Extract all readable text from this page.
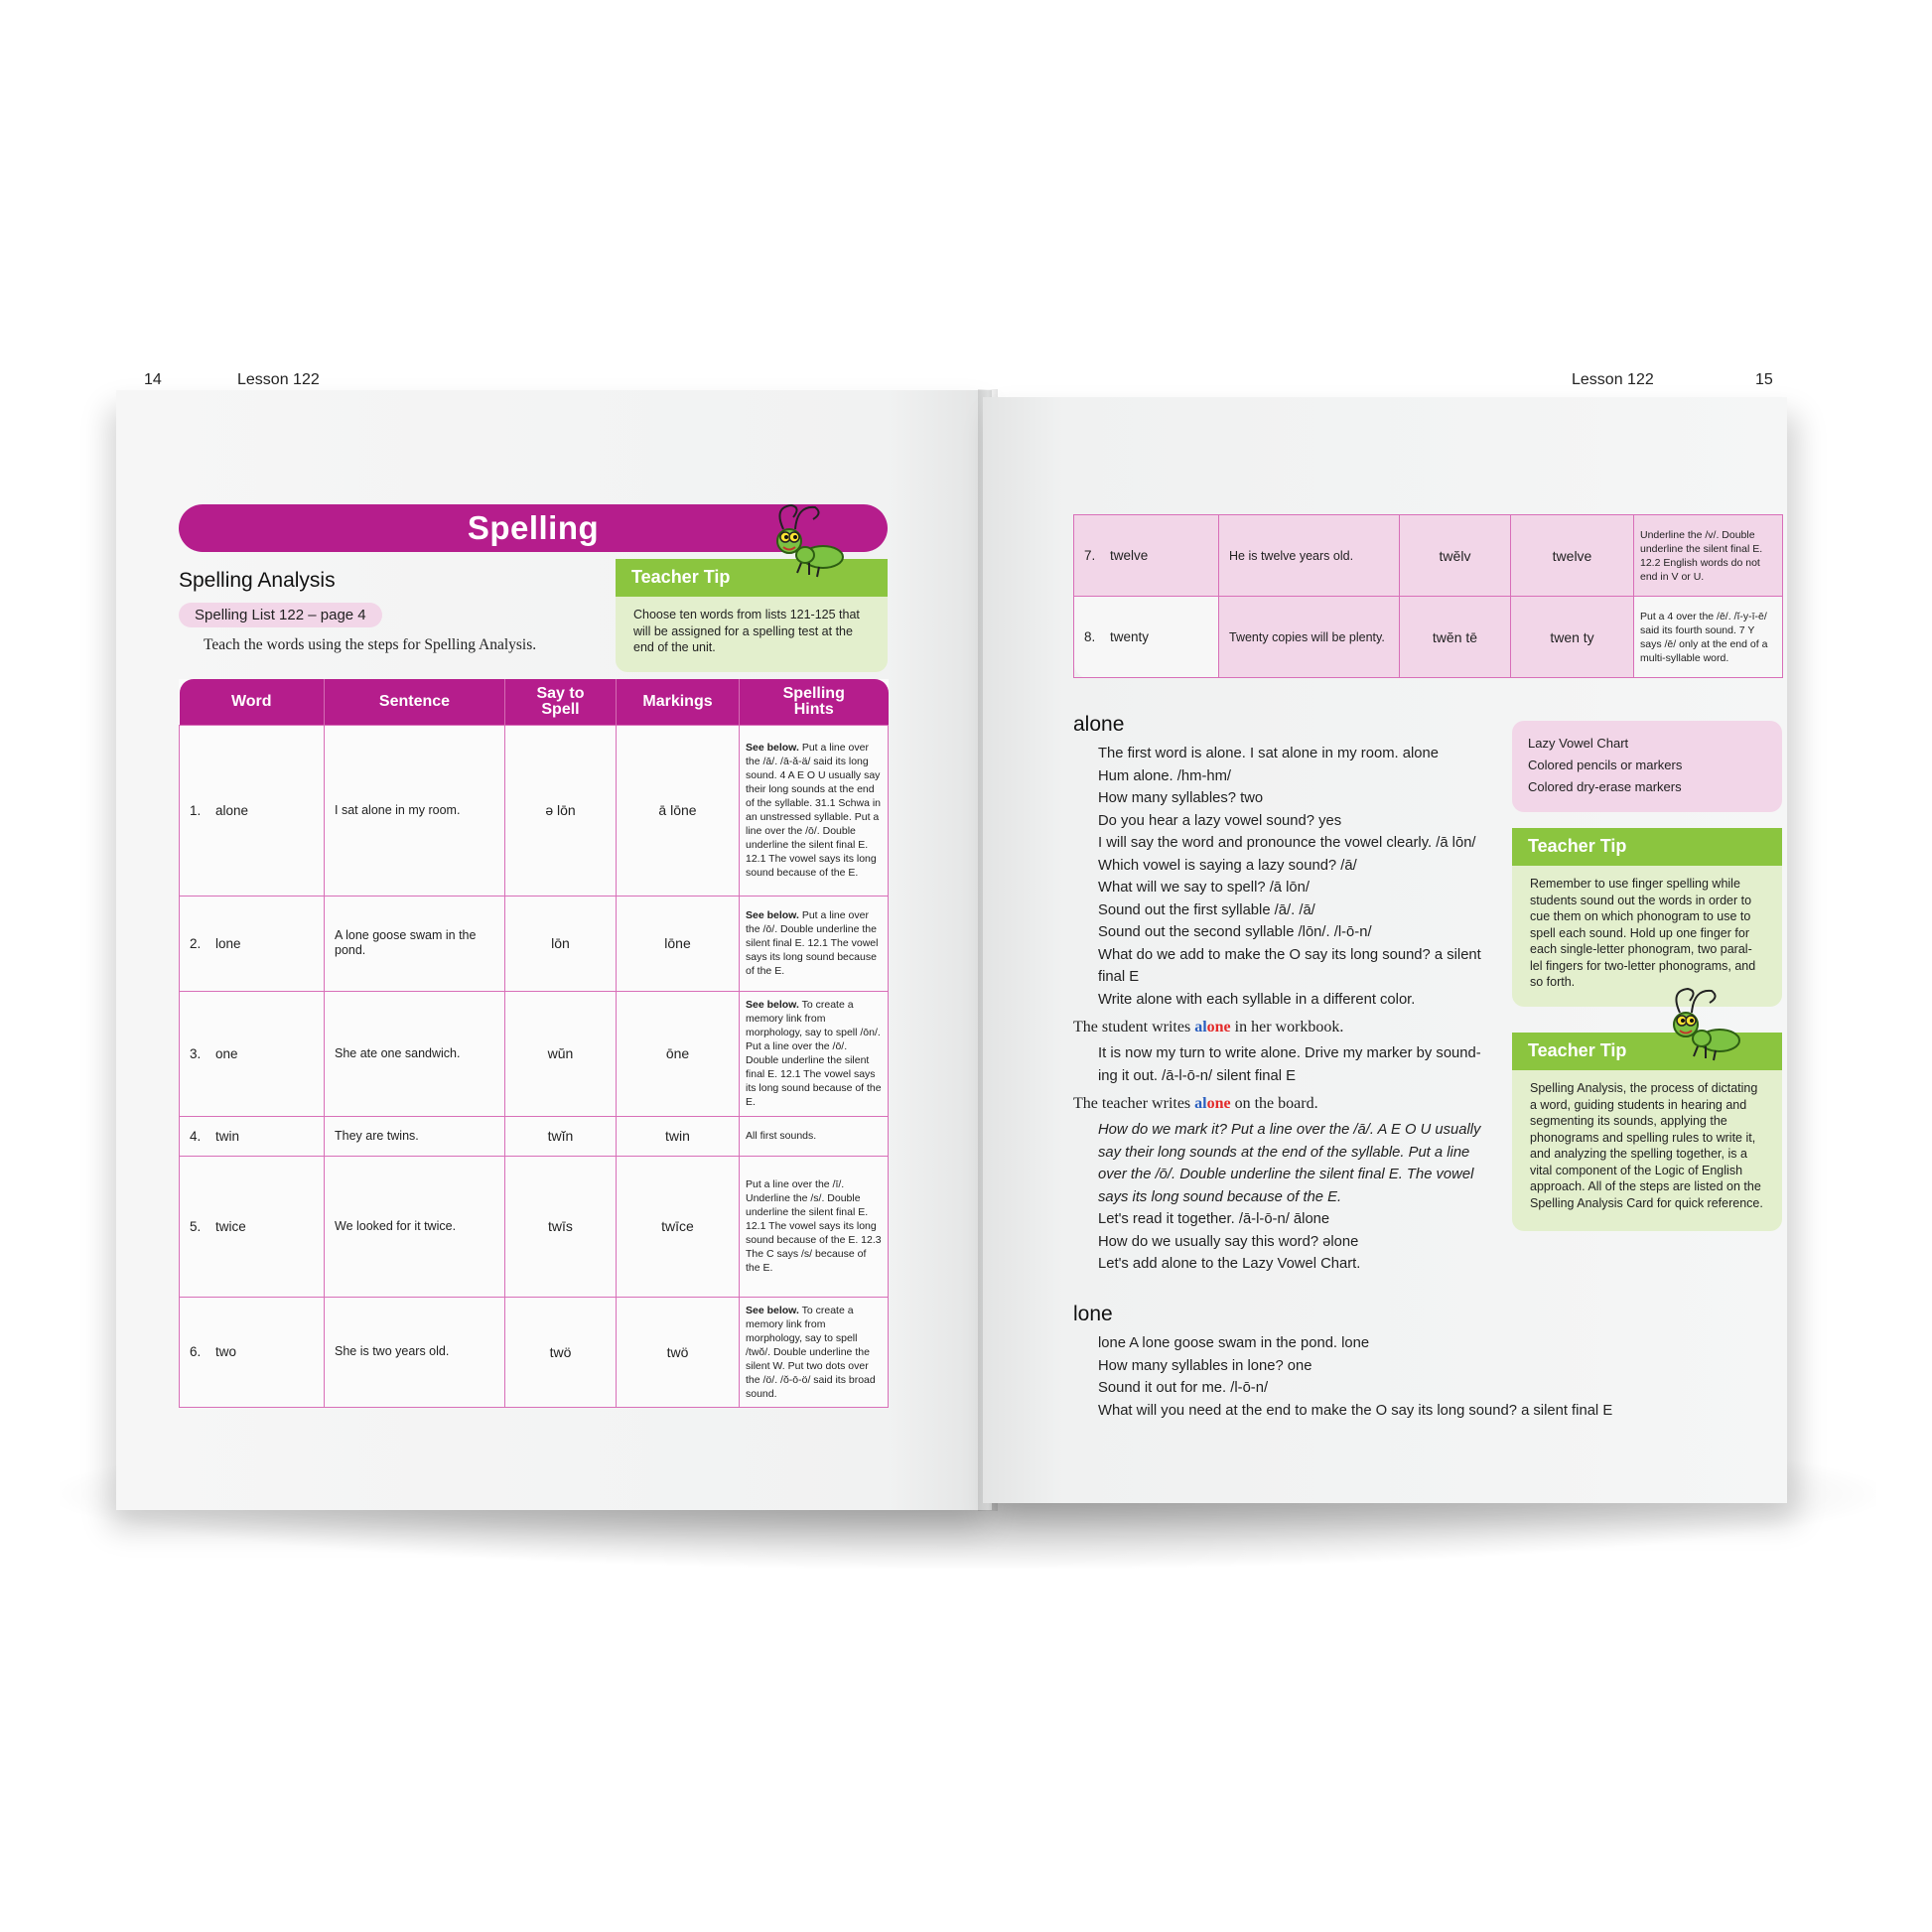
14	Lesson 122
Spelling
Spelling Analysis
Spelling List 122 – page 4
Teach the words using the steps for Spelling Analysis.
Teacher Tip
Choose ten words from lists 121-125 that
will be assigned for a spelling test at the
end of the unit.
Word	Sentence	Say to Spell	Markings	Spelling Hints
1. alone	I sat alone in my room.	ǝ lōn	ā lōne	See below. Put a line over the /ā/. /ā-ǎ-ä/ said its long sound. 4 A E O U usually say their long sounds at the end of the syllable. 31.1 Schwa in an unstressed syllable. Put a line over the /ō/. Double underline the silent final E. 12.1 The vowel says its long sound because of the E.
2. lone	A lone goose swam in the pond.	lōn	lōne	See below. Put a line over the /ō/. Double underline the silent final E. 12.1 The vowel says its long sound because of the E.
3. one	She ate one sandwich.	wŭn	ōne	See below. To create a memory link from morphology, say to spell /ōn/. Put a line over the /ō/. Double underline the silent final E. 12.1 The vowel says its long sound because of the E.
4. twin	They are twins.	twĭn	twin	All first sounds.
5. twice	We looked for it twice.	twīs	twīce	Put a line over the /ī/. Underline the /s/. Double underline the silent final E. 12.1 The vowel says its long sound because of the E. 12.3 The C says /s/ because of the E.
6. two	She is two years old.	twö	twö	See below. To create a memory link from morphology, say to spell /twŏ/. Double underline the silent W. Put two dots over the /ö/. /ŏ-ō-ö/ said its broad sound.
Lesson 122	15
7. twelve	He is twelve years old.	twĕlv	twelve	Underline the /v/. Double underline the silent final E. 12.2 English words do not end in V or U.
8. twenty	Twenty copies will be plenty.	twĕn tē	twen ty	Put a 4 over the /ē/. /ĭ-y-ī-ē/ said its fourth sound. 7 Y says /ē/ only at the end of a multi-syllable word.
alone
The first word is alone. I sat alone in my room. alone
Hum alone. /hm-hm/
How many syllables? two
Do you hear a lazy vowel sound? yes
I will say the word and pronounce the vowel clearly. /ā lōn/
Which vowel is saying a lazy sound? /ā/
What will we say to spell? /ā lōn/
Sound out the first syllable /ā/. /ā/
Sound out the second syllable /lōn/. /l-ō-n/
What do we add to make the O say its long sound? a silent
final E
Write alone with each syllable in a different color.
The student writes alone in her workbook.
It is now my turn to write alone. Drive my marker by sound-
ing it out. /ā-l-ō-n/ silent final E
The teacher writes alone on the board.
How do we mark it? Put a line over the /ā/. A E O U usually
say their long sounds at the end of the syllable. Put a line
over the /ō/. Double underline the silent final E. The vowel
says its long sound because of the E.
Let's read it together. /ā-l-ō-n/ ālone
How do we usually say this word? ǝlone
Let's add alone to the Lazy Vowel Chart.
lone
lone A lone goose swam in the pond. lone
How many syllables in lone? one
Sound it out for me. /l-ō-n/
What will you need at the end to make the O say its long sound? a silent final E
Lazy Vowel Chart
Colored pencils or markers
Colored dry-erase markers
Teacher Tip
Remember to use finger spelling while
students sound out the words in order to
cue them on which phonogram to use to
spell each sound. Hold up one finger for
each single-letter phonogram, two paral-
lel fingers for two-letter phonograms, and
so forth.
Teacher Tip
Spelling Analysis, the process of dictating
a word, guiding students in hearing and
segmenting its sounds, applying the
phonograms and spelling rules to write it,
and analyzing the spelling together, is a
vital component of the Logic of English
approach. All of the steps are listed on the
Spelling Analysis Card for quick reference.
